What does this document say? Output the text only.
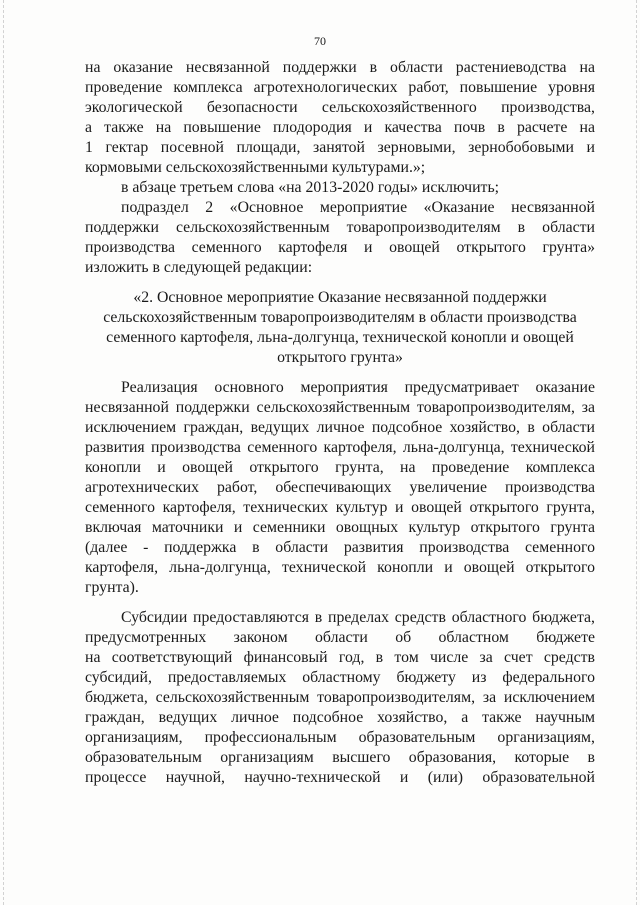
70
на оказание несвязанной поддержки в области растениеводства на
проведение комплекса агротехнологических работ, повышение уровня
экологической безопасности сельскохозяйственного производства,
а также на повышение плодородия и качества почв в расчете на
1 гектар посевной площади, занятой зерновыми, зернобобовыми и
кормовыми сельскохозяйственными культурами.»;
в абзаце третьем слова «на 2013-2020 годы» исключить;
подраздел 2 «Основное мероприятие «Оказание несвязанной
поддержки сельскохозяйственным товаропроизводителям в области
производства семенного картофеля и овощей открытого грунта»
изложить в следующей редакции:
«2. Основное мероприятие Оказание несвязанной поддержки
сельскохозяйственным товаропроизводителям в области производства
семенного картофеля, льна-долгунца, технической конопли и овощей
открытого грунта»
Реализация основного мероприятия предусматривает оказание
несвязанной поддержки сельскохозяйственным товаропроизводителям, за
исключением граждан, ведущих личное подсобное хозяйство, в области
развития производства семенного картофеля, льна-долгунца, технической
конопли и овощей открытого грунта, на проведение комплекса
агротехнических работ, обеспечивающих увеличение производства
семенного картофеля, технических культур и овощей открытого грунта,
включая маточники и семенники овощных культур открытого грунта
(далее - поддержка в области развития производства семенного
картофеля, льна-долгунца, технической конопли и овощей открытого
грунта).
Субсидии предоставляются в пределах средств областного бюджета,
предусмотренных законом области об областном бюджете
на соответствующий финансовый год, в том числе за счет средств
субсидий, предоставляемых областному бюджету из федерального
бюджета, сельскохозяйственным товаропроизводителям, за исключением
граждан, ведущих личное подсобное хозяйство, а также научным
организациям, профессиональным образовательным организациям,
образовательным организациям высшего образования, которые в
процессе научной, научно-технической и (или) образовательной
